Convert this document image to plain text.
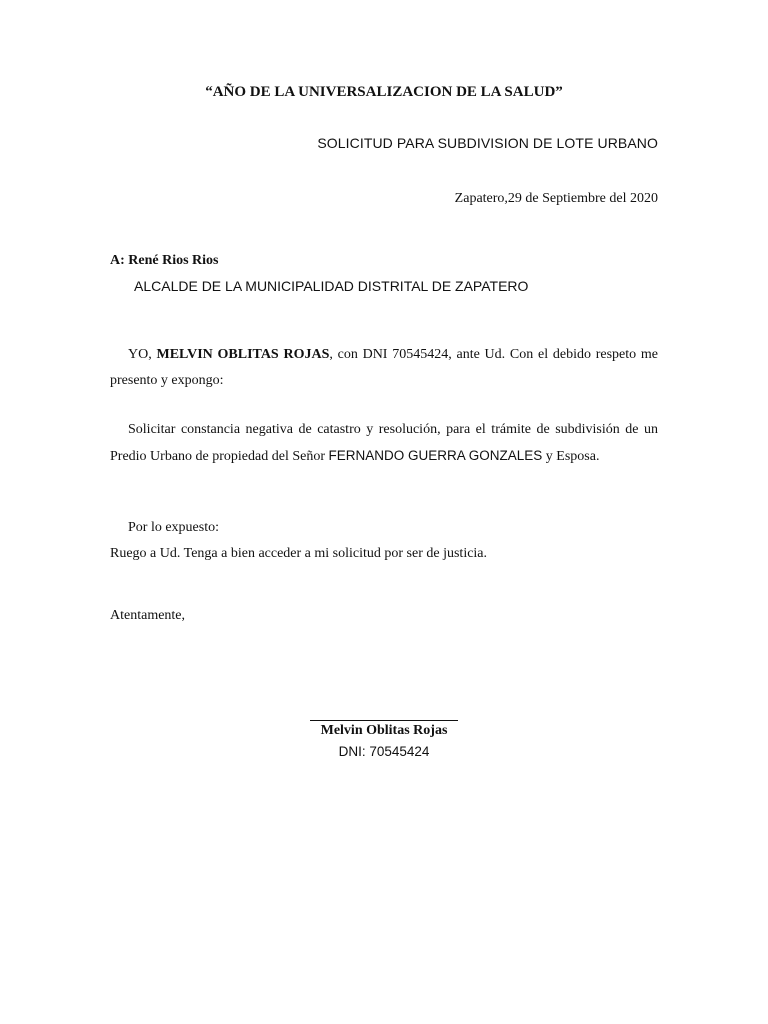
“AÑO DE LA UNIVERSALIZACION DE LA SALUD”
SOLICITUD PARA SUBDIVISION DE LOTE URBANO
Zapatero,29 de Septiembre del 2020
A: René Rios Rios
ALCALDE DE LA MUNICIPALIDAD DISTRITAL DE ZAPATERO
YO, MELVIN OBLITAS ROJAS, con DNI 70545424, ante Ud. Con el debido respeto me presento y expongo:
Solicitar constancia negativa de catastro y resolución, para el trámite de subdivisión de un Predio Urbano de propiedad del Señor FERNANDO GUERRA GONZALES y Esposa.
Por lo expuesto:
Ruego a Ud. Tenga a bien acceder a mi solicitud por ser de justicia.
Atentamente,
Melvin Oblitas Rojas
DNI: 70545424
